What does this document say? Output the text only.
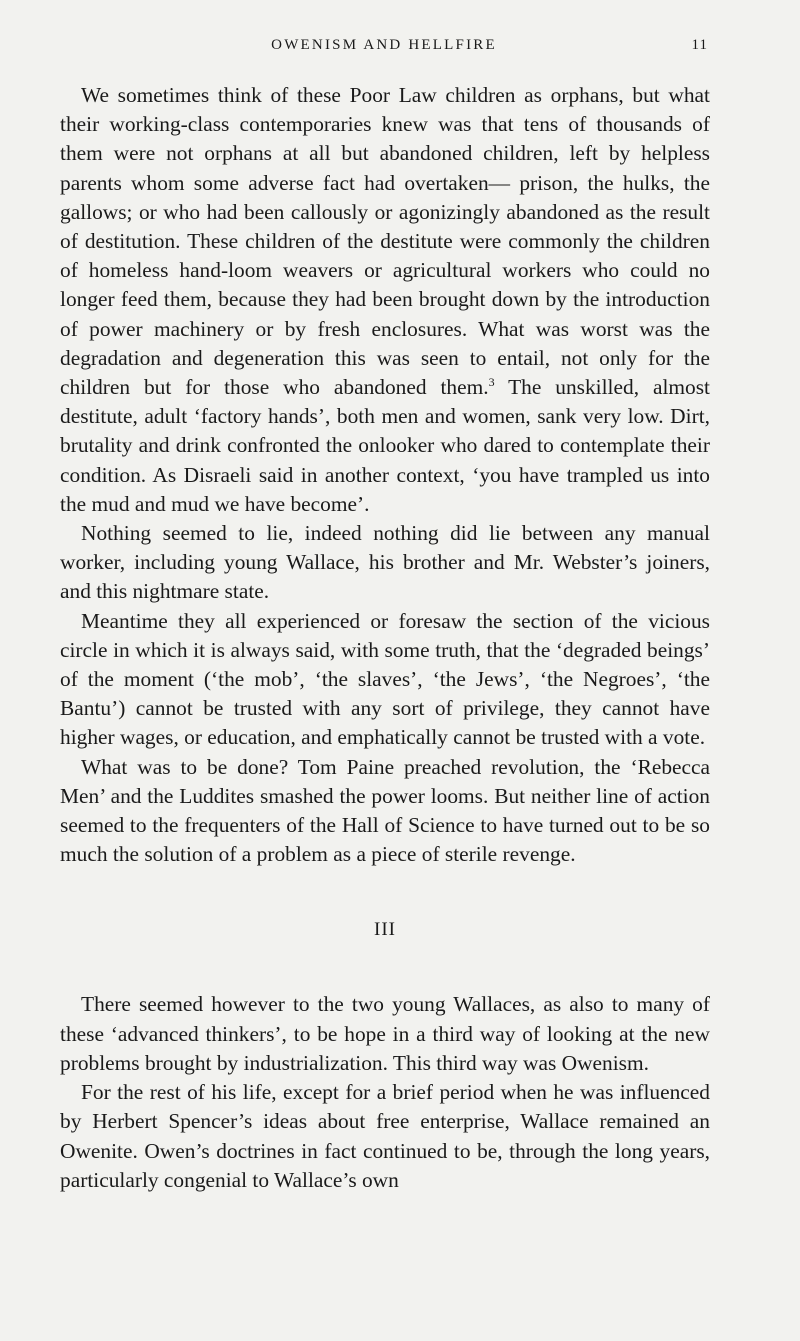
OWENISM AND HELLFIRE	11

We sometimes think of these Poor Law children as orphans, but what their working-class contemporaries knew was that tens of thousands of them were not orphans at all but abandoned children, left by helpless parents whom some adverse fact had overtaken— prison, the hulks, the gallows; or who had been callously or agonizingly abandoned as the result of destitution. These children of the destitute were commonly the children of homeless hand-loom weavers or agricultural workers who could no longer feed them, because they had been brought down by the introduction of power machinery or by fresh enclosures. What was worst was the degradation and degeneration this was seen to entail, not only for the children but for those who abandoned them.$^3$ The unskilled, almost destitute, adult ‘factory hands’, both men and women, sank very low. Dirt, brutality and drink confronted the onlooker who dared to contemplate their condition. As Disraeli said in another context, ‘you have trampled us into the mud and mud we have become’.

Nothing seemed to lie, indeed nothing did lie between any manual worker, including young Wallace, his brother and Mr. Webster’s joiners, and this nightmare state.

Meantime they all experienced or foresaw the section of the vicious circle in which it is always said, with some truth, that the ‘degraded beings’ of the moment (‘the mob’, ‘the slaves’, ‘the Jews’, ‘the Negroes’, ‘the Bantu’) cannot be trusted with any sort of privilege, they cannot have higher wages, or education, and emphatically cannot be trusted with a vote.

What was to be done? Tom Paine preached revolution, the ‘Rebecca Men’ and the Luddites smashed the power looms. But neither line of action seemed to the frequenters of the Hall of Science to have turned out to be so much the solution of a problem as a piece of sterile revenge.

III

There seemed however to the two young Wallaces, as also to many of these ‘advanced thinkers’, to be hope in a third way of looking at the new problems brought by industrialization. This third way was Owenism.

For the rest of his life, except for a brief period when he was influenced by Herbert Spencer’s ideas about free enterprise, Wallace remained an Owenite. Owen’s doctrines in fact continued to be, through the long years, particularly congenial to Wallace’s own
